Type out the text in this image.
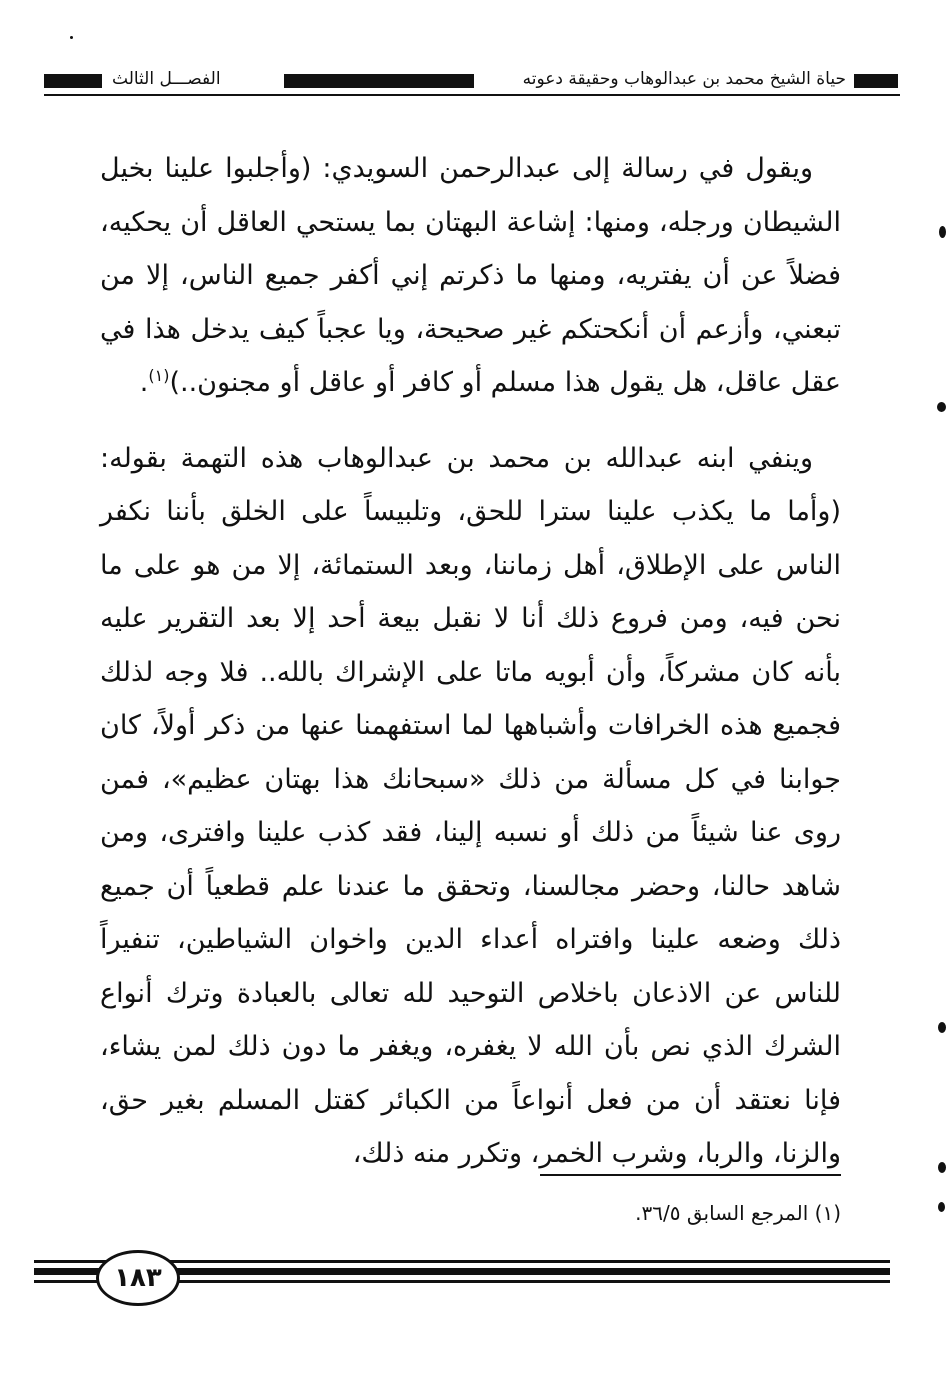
حياة الشيخ محمد بن عبدالوهاب وحقيقة دعوته
الفصـــل الثالث

ويقول في رسالة إلى عبدالرحمن السويدي: (وأجلبوا علينا بخيل الشيطان ورجله، ومنها: إشاعة البهتان بما يستحي العاقل أن يحكيه، فضلاً عن أن يفتريه، ومنها ما ذكرتم إني أكفر جميع الناس، إلا من تبعني، وأزعم أن أنكحتكم غير صحيحة، ويا عجباً كيف يدخل هذا في عقل عاقل، هل يقول هذا مسلم أو كافر أو عاقل أو مجنون..)$^{(١)}$.

وينفي ابنه عبدالله بن محمد بن عبدالوهاب هذه التهمة بقوله: (وأما ما يكذب علينا سترا للحق، وتلبيساً على الخلق بأننا نكفر الناس على الإطلاق، أهل زماننا، وبعد الستمائة، إلا من هو على ما نحن فيه، ومن فروع ذلك أنا لا نقبل بيعة أحد إلا بعد التقرير عليه بأنه كان مشركاً، وأن أبويه ماتا على الإشراك بالله.. فلا وجه لذلك فجميع هذه الخرافات وأشباهها لما استفهمنا عنها من ذكر أولاً، كان جوابنا في كل مسألة من ذلك «سبحانك هذا بهتان عظيم»، فمن روى عنا شيئاً من ذلك أو نسبه إلينا، فقد كذب علينا وافترى، ومن شاهد حالنا، وحضر مجالسنا، وتحقق ما عندنا علم قطعياً أن جميع ذلك وضعه علينا وافتراه أعداء الدين واخوان الشياطين، تنفيراً للناس عن الاذعان باخلاص التوحيد لله تعالى بالعبادة وترك أنواع الشرك الذي نص بأن الله لا يغفره، ويغفر ما دون ذلك لمن يشاء، فإنا نعتقد أن من فعل أنواعاً من الكبائر كقتل المسلم بغير حق، والزنا، والربا، وشرب الخمر، وتكرر منه ذلك،

(١) المرجع السابق ٣٦/٥.
١٨٣
